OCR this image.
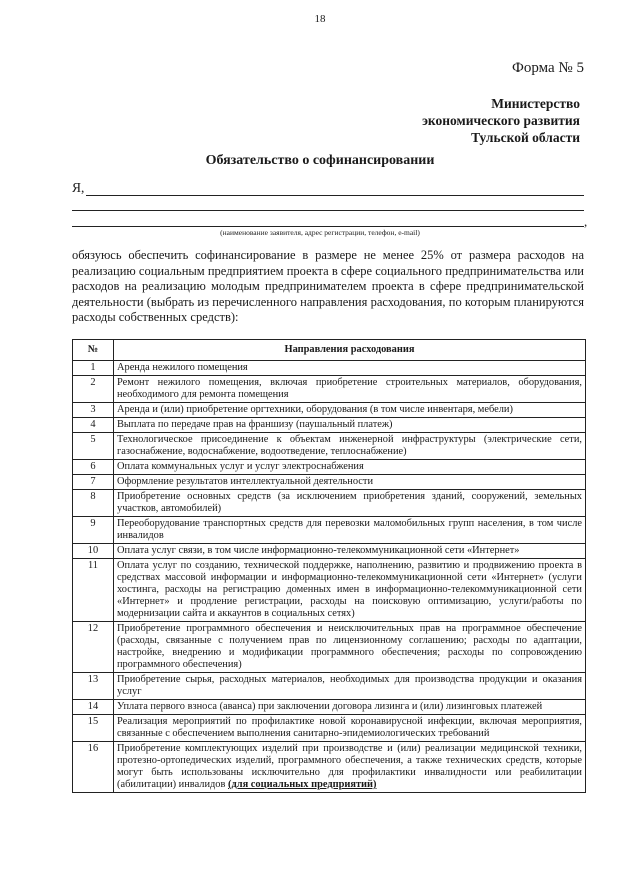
18
Форма № 5
Министерство
экономического развития
Тульской области
Обязательство о софинансировании
Я,
,
(наименование заявителя, адрес регистрации, телефон, e-mail)
обязуюсь обеспечить софинансирование в размере не менее 25% от размера расходов на реализацию социальным предприятием проекта в сфере социального предпринимательства или расходов на реализацию молодым предпринимателем проекта в сфере предпринимательской деятельности (выбрать из перечисленного направления расходования, по которым планируются расходы собственных средств):
№	Направления расходования
1	Аренда нежилого помещения
2	Ремонт нежилого помещения, включая приобретение строительных материалов, оборудования, необходимого для ремонта помещения
3	Аренда и (или) приобретение оргтехники, оборудования (в том числе инвентаря, мебели)
4	Выплата по передаче прав на франшизу (паушальный платеж)
5	Технологическое присоединение к объектам инженерной инфраструктуры (электрические сети, газоснабжение, водоснабжение, водоотведение, теплоснабжение)
6	Оплата коммунальных услуг и услуг электроснабжения
7	Оформление результатов интеллектуальной деятельности
8	Приобретение основных средств (за исключением приобретения зданий, сооружений, земельных участков, автомобилей)
9	Переоборудование транспортных средств для перевозки маломобильных групп населения, в том числе инвалидов
10	Оплата услуг связи, в том числе информационно-телекоммуникационной сети «Интернет»
11	Оплата услуг по созданию, технической поддержке, наполнению, развитию и продвижению проекта в средствах массовой информации и информационно-телекоммуникационной сети «Интернет» (услуги хостинга, расходы на регистрацию доменных имен в информационно-телекоммуникационной сети «Интернет» и продление регистрации, расходы на поисковую оптимизацию, услуги/работы по модернизации сайта и аккаунтов в социальных сетях)
12	Приобретение программного обеспечения и неисключительных прав на программное обеспечение (расходы, связанные с получением прав по лицензионному соглашению; расходы по адаптации, настройке, внедрению и модификации программного обеспечения; расходы по сопровождению программного обеспечения)
13	Приобретение сырья, расходных материалов, необходимых для производства продукции и оказания услуг
14	Уплата первого взноса (аванса) при заключении договора лизинга и (или) лизинговых платежей
15	Реализация мероприятий по профилактике новой коронавирусной инфекции, включая мероприятия, связанные с обеспечением выполнения санитарно-эпидемиологических требований
16	Приобретение комплектующих изделий при производстве и (или) реализации медицинской техники, протезно-ортопедических изделий, программного обеспечения, а также технических средств, которые могут быть использованы исключительно для профилактики инвалидности или реабилитации (абилитации) инвалидов (для социальных предприятий)
